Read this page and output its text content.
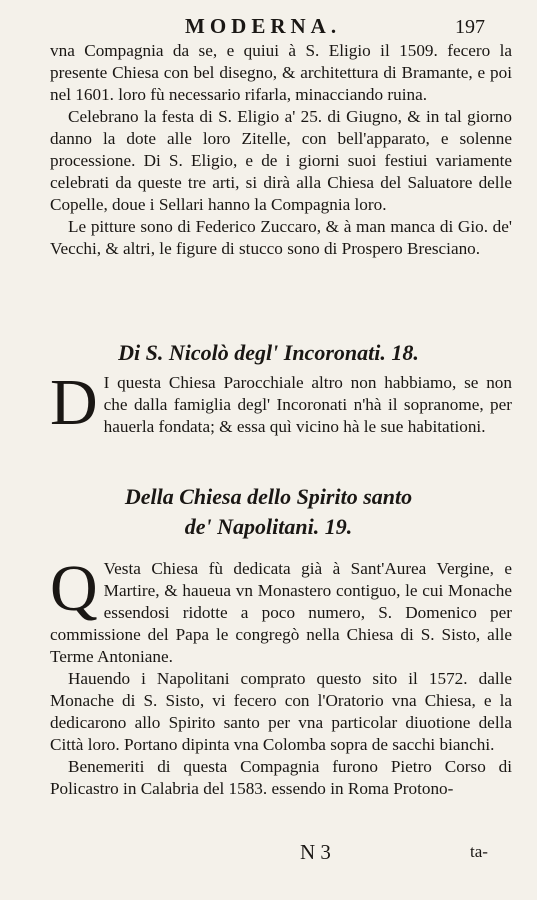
MODERNA.	197

vna Compagnia da se, e quiui à S. Eligio il 1509. fecero la presente Chiesa con bel disegno, & architettura di Bramante, e poi nel 1601. loro fù necessario rifarla, minacciando ruina.

Celebrano la festa di S. Eligio a' 25. di Giugno, & in tal giorno danno la dote alle loro Zitelle, con bell'apparato, e solenne processione. Di S. Eligio, e de i giorni suoi festiui variamente celebrati da queste tre arti, si dirà alla Chiesa del Saluatore delle Copelle, doue i Sellari hanno la Compagnia loro.

Le pitture sono di Federico Zuccaro, & à man manca di Gio. de' Vecchi, & altri, le figure di stucco sono di Prospero Bresciano.

Di S. Nicolò degl' Incoronati. 18.
D I questa Chiesa Parocchiale altro non habbiamo, se non che dalla famiglia degl' Incoronati n'hà il sopranome, per hauerla fondata; & essa quì vicino hà le sue habitationi.
Della Chiesa dello Spirito santo
de' Napolitani. 19.

Q Vesta Chiesa fù dedicata già à Sant'Aurea Vergine, e Martire, & haueua vn Monastero contiguo, le cui Monache essendosi ridotte a poco numero, S. Domenico per commissione del Papa le congregò nella Chiesa di S. Sisto, alle Terme Antoniane.

Hauendo i Napolitani comprato questo sito il 1572. dalle Monache di S. Sisto, vi fecero con l'Oratorio vna Chiesa, e la dedicarono allo Spirito santo per vna particolar diuotione della Città loro. Portano dipinta vna Colomba sopra de sacchi bianchi.

Benemeriti di questa Compagnia furono Pietro Corso di Policastro in Calabria del 1583. essendo in Roma Protono-

N 3	ta-
